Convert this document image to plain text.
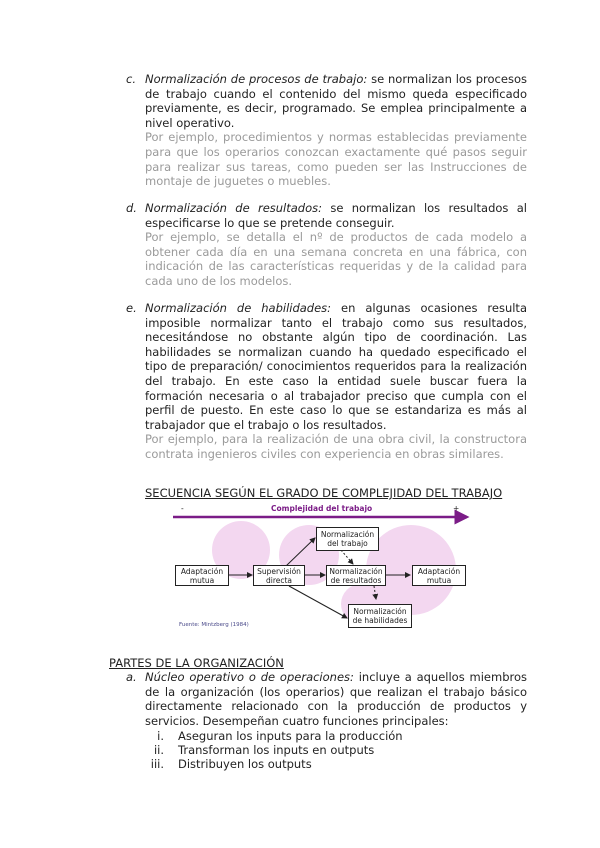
c. Normalización de procesos de trabajo: se normalizan los procesos de trabajo cuando el contenido del mismo queda especificado previamente, es decir, programado. Se emplea principalmente a nivel operativo.
Por ejemplo, procedimientos y normas establecidas previamente para que los operarios conozcan exactamente qué pasos seguir para realizar sus tareas, como pueden ser las Instrucciones de montaje de juguetes o muebles.
d. Normalización de resultados: se normalizan los resultados al especificarse lo que se pretende conseguir.
Por ejemplo, se detalla el nº de productos de cada modelo a obtener cada día en una semana concreta en una fábrica, con indicación de las características requeridas y de la calidad para cada uno de los modelos.
e. Normalización de habilidades: en algunas ocasiones resulta imposible normalizar tanto el trabajo como sus resultados, necesitándose no obstante algún tipo de coordinación. Las habilidades se normalizan cuando ha quedado especificado el tipo de preparación/ conocimientos requeridos para la realización del trabajo. En este caso la entidad suele buscar fuera la formación necesaria o al trabajador preciso que cumpla con el perfil de puesto. En este caso lo que se estandariza es más al trabajador que el trabajo o los resultados.
Por ejemplo, para la realización de una obra civil, la constructora contrata ingenieros civiles con experiencia en obras similares.
SECUENCIA SEGÚN EL GRADO DE COMPLEJIDAD DEL TRABAJO
-	Complejidad del trabajo	+
Adaptación mutua
Supervisión directa
Normalización del trabajo
Normalización de resultados
Adaptación mutua
Normalización de habilidades
Fuente: Mintzberg (1984)
PARTES DE LA ORGANIZACIÓN
a. Núcleo operativo o de operaciones: incluye a aquellos miembros de la organización (los operarios) que realizan el trabajo básico directamente relacionado con la producción de productos y servicios. Desempeñan cuatro funciones principales:
i. Aseguran los inputs para la producción
ii. Transforman los inputs en outputs
iii. Distribuyen los outputs
